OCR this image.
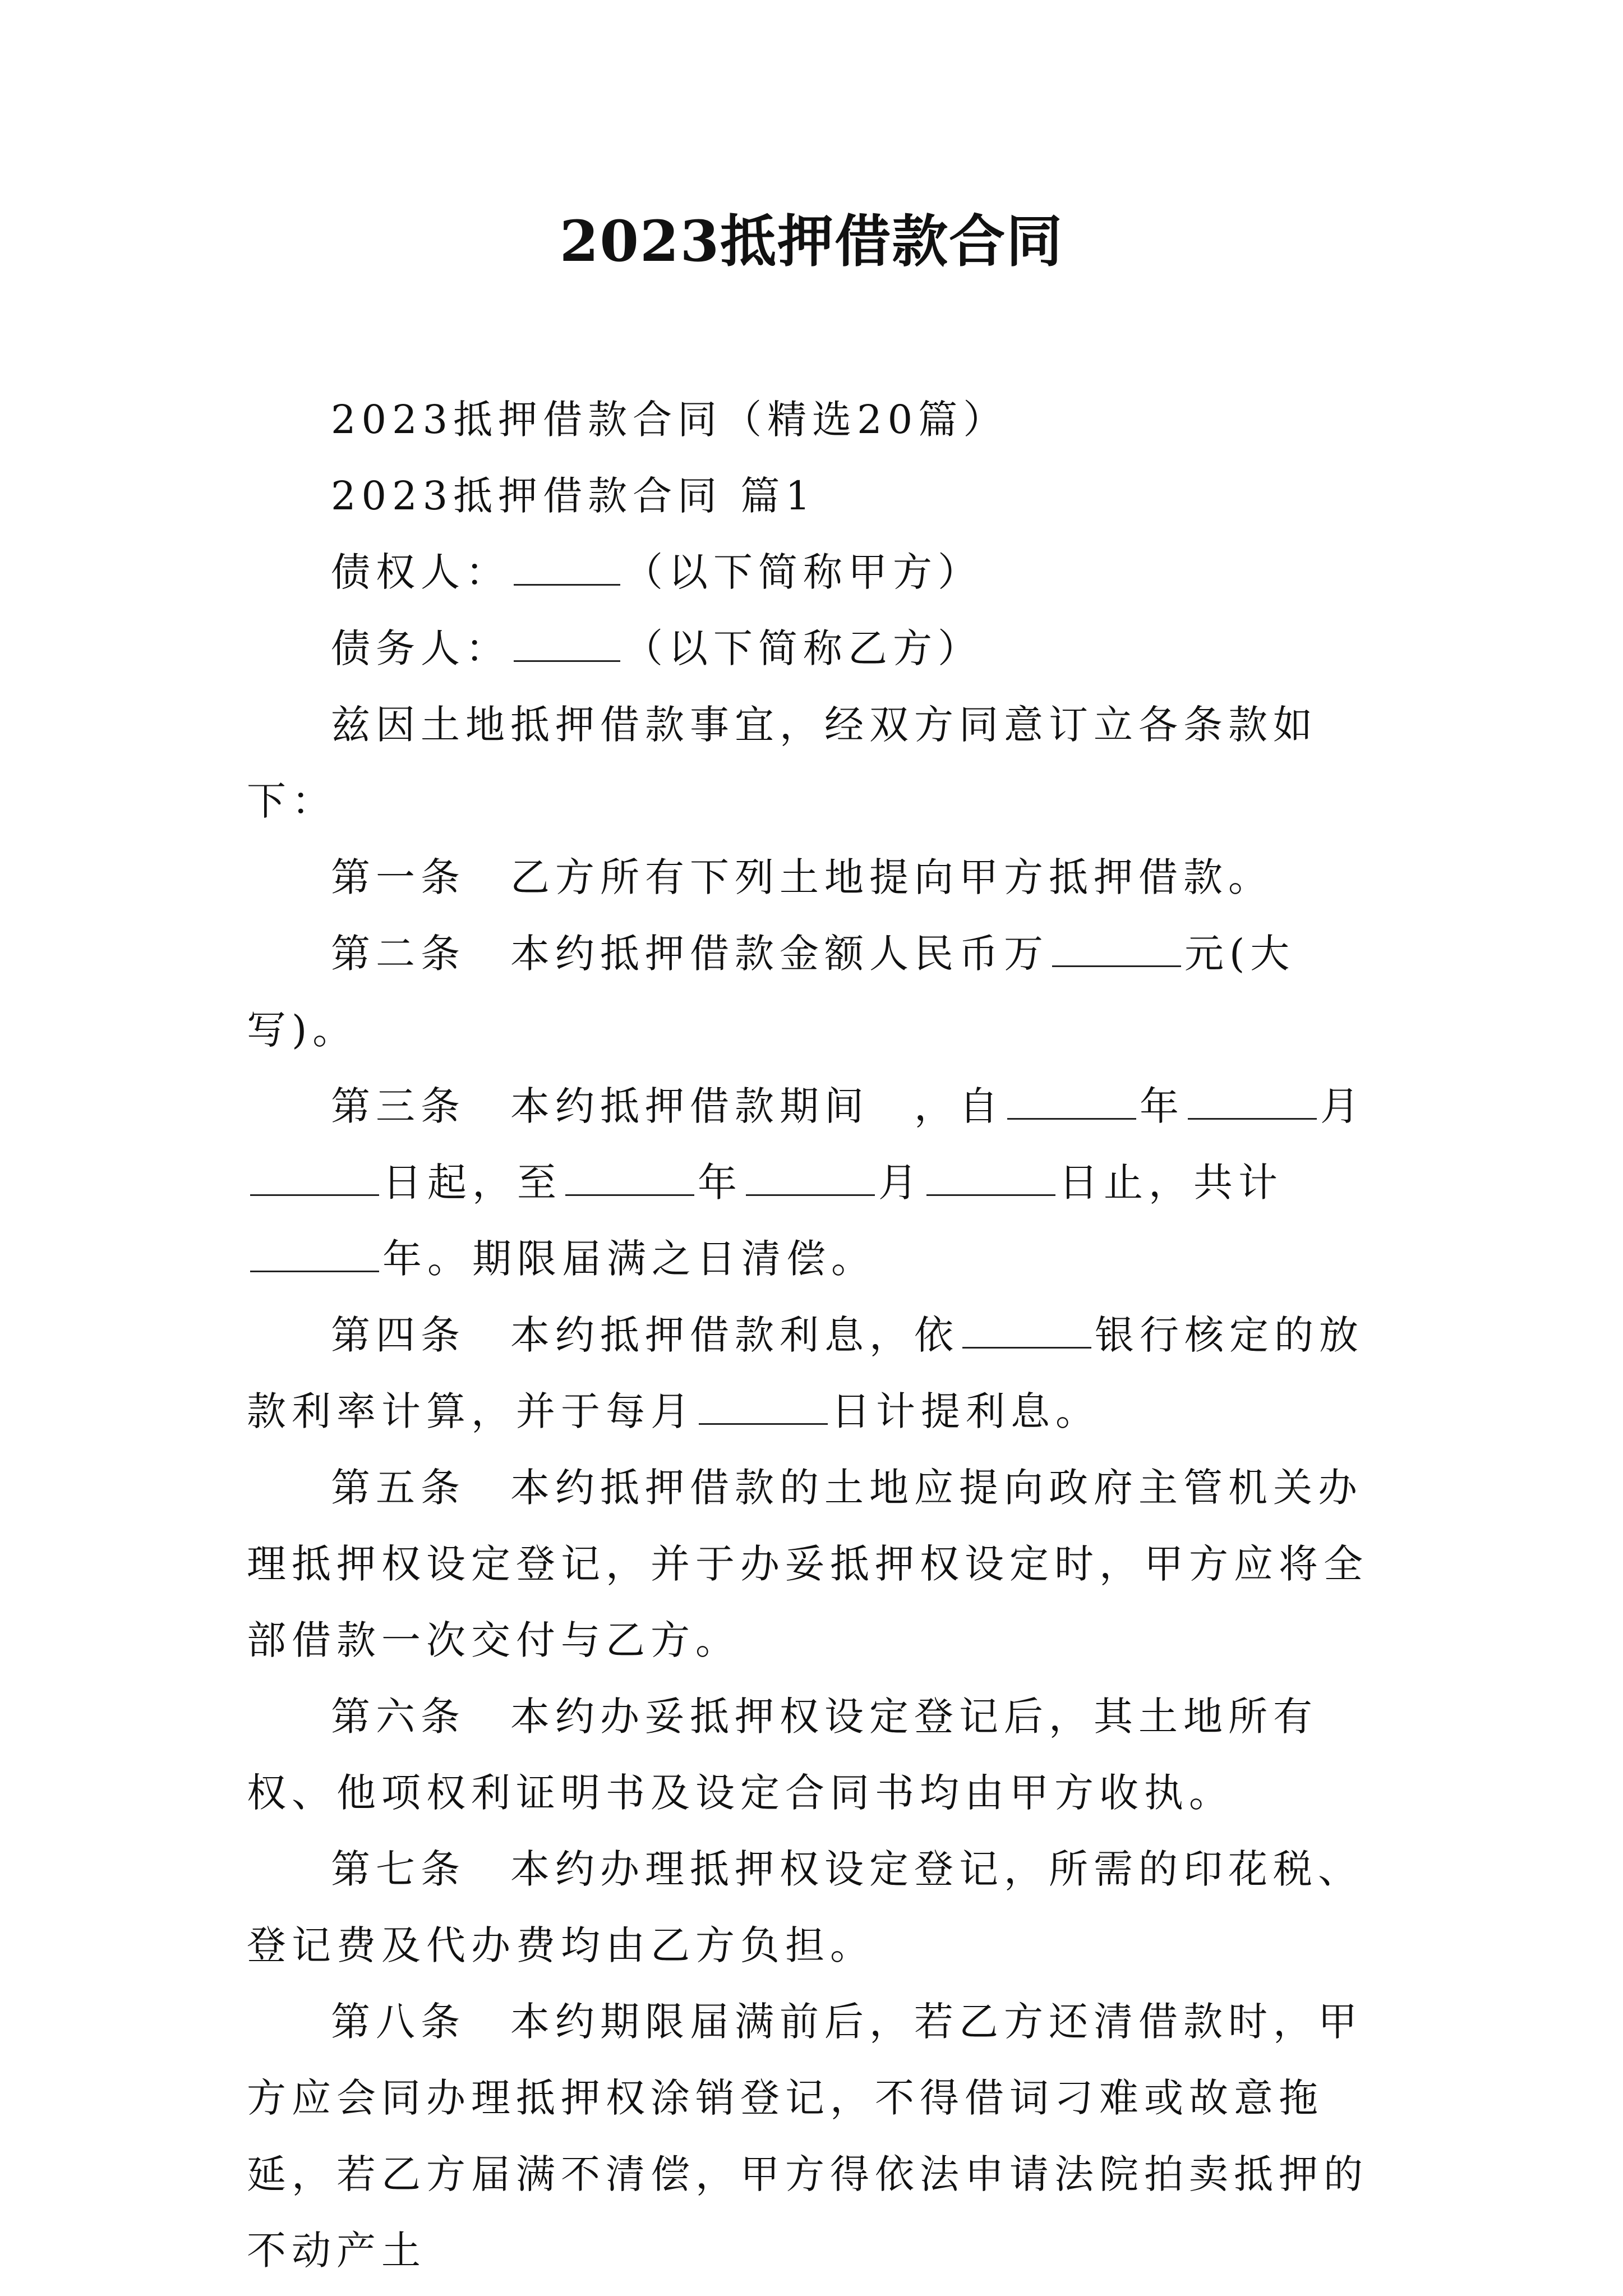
2023抵押借款合同

2023抵押借款合同（精选20篇）

2023抵押借款合同 篇1

债权人：	（以下简称甲方）

债务人：	（以下简称乙方）

兹因土地抵押借款事宜，经双方同意订立各条款如下：

第一条　乙方所有下列土地提向甲方抵押借款。

第二条　本约抵押借款金额人民币万	元(大写)。

第三条　本约抵押借款期间　，自	年	月日起，至	年	月	日止，共计年。期限届满之日清偿。

第四条　本约抵押借款利息，依	银行核定的放款利率计算，并于每月	日计提利息。

第五条　本约抵押借款的土地应提向政府主管机关办理抵押权设定登记，并于办妥抵押权设定时，甲方应将全部借款一次交付与乙方。

第六条　本约办妥抵押权设定登记后，其土地所有权、他项权利证明书及设定合同书均由甲方收执。

第七条　本约办理抵押权设定登记，所需的印花税、登记费及代办费均由乙方负担。

第八条　本约期限届满前后，若乙方还清借款时，甲方应会同办理抵押权涂销登记，不得借词刁难或故意拖延，若乙方届满不清偿，甲方得依法申请法院拍卖抵押的不动产土
